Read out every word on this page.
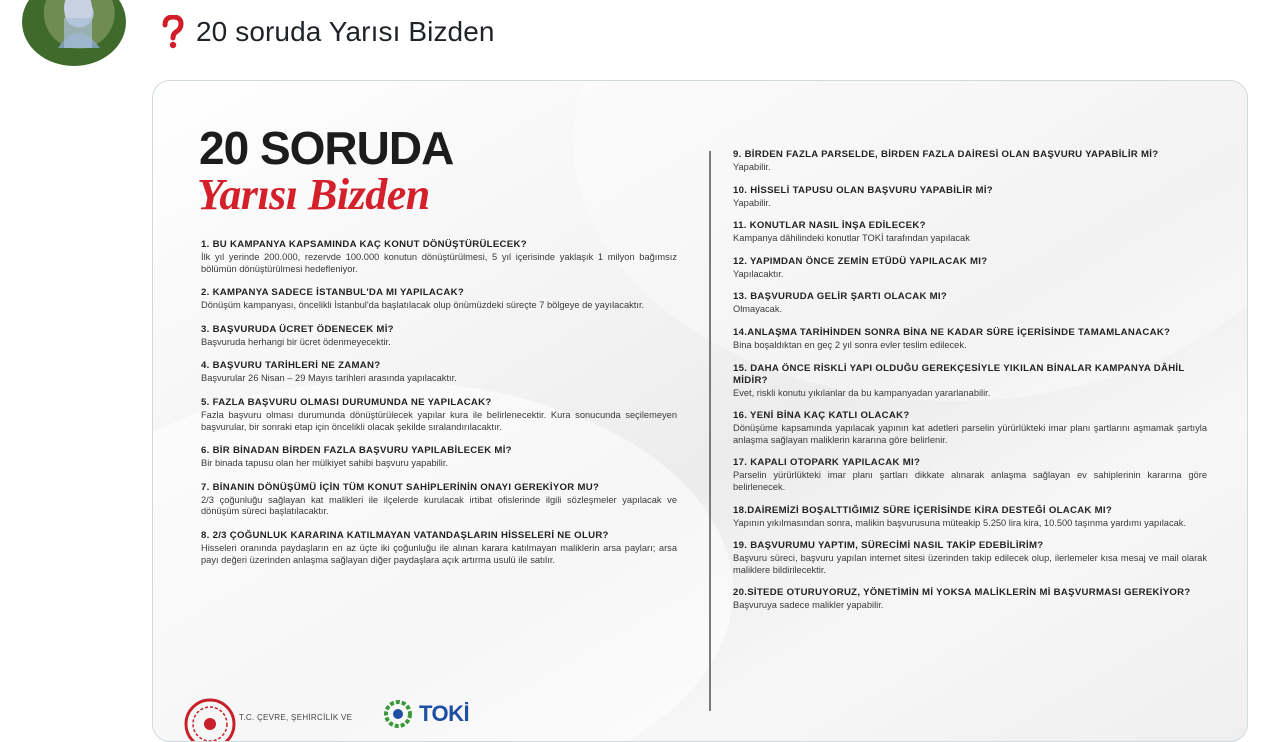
20 soruda Yarısı Bizden
20 SORUDA
Yarısı Bizden
1. BU KAMPANYA KAPSAMINDA KAÇ KONUT DÖNÜŞTÜRÜLECEK?
İlk yıl yerinde 200.000, rezervde 100.000 konutun dönüştürülmesi, 5 yıl içerisinde yaklaşık 1 milyon bağımsız bölümün dönüştürülmesi hedefleniyor.
2. KAMPANYA SADECE İSTANBUL'DA MI YAPILACAK?
Dönüşüm kampanyası, öncelikli İstanbul'da başlatılacak olup önümüzdeki süreçte 7 bölgeye de yayılacaktır.
3. BAŞVURUDA ÜCRET ÖDENECEK Mİ?
Başvuruda herhangi bir ücret ödenmeyecektir.
4. BAŞVURU TARİHLERİ NE ZAMAN?
Başvurular 26 Nisan – 29 Mayıs tarihleri arasında yapılacaktır.
5. FAZLA BAŞVURU OLMASI DURUMUNDA NE YAPILACAK?
Fazla başvuru olması durumunda dönüştürülecek yapılar kura ile belirlenecektir. Kura sonucunda seçilemeyen başvurular, bir sonraki etap için öncelikli olacak şekilde sıralandırılacaktır.
6. BİR BİNADAN BİRDEN FAZLA BAŞVURU YAPILABİLECEK Mİ?
Bir binada tapusu olan her mülkiyet sahibi başvuru yapabilir.
7. BİNANIN DÖNÜŞÜMÜ İÇİN TÜM KONUT SAHİPLERİNİN ONAYI GEREKİYOR MU?
2/3 çoğunluğu sağlayan kat malikleri ile ilçelerde kurulacak irtibat ofislerinde ilgili sözleşmeler yapılacak ve dönüşüm süreci başlatılacaktır.
8. 2/3 ÇOĞUNLUK KARARINA KATILMAYAN VATANDAŞLARIN HİSSELERİ NE OLUR?
Hisseleri oranında paydaşların en az üçte iki çoğunluğu ile alınan karara katılmayan maliklerin arsa payları; arsa payı değeri üzerinden anlaşma sağlayan diğer paydaşlara açık artırma usulü ile satılır.
9. BİRDEN FAZLA PARSELDE, BİRDEN FAZLA DAİRESİ OLAN BAŞVURU YAPABİLİR Mİ?
Yapabilir.
10. HİSSELİ TAPUSU OLAN BAŞVURU YAPABİLİR Mİ?
Yapabilir.
11. KONUTLAR NASIL İNŞA EDİLECEK?
Kampanya dâhilindeki konutlar TOKİ tarafından yapılacak
12. YAPIMDAN ÖNCE ZEMİN ETÜDÜ YAPILACAK MI?
Yapılacaktır.
13. BAŞVURUDA GELİR ŞARTI OLACAK MI?
Olmayacak.
14.ANLAŞMA TARİHİNDEN SONRA BİNA NE KADAR SÜRE İÇERİSİNDE TAMAMLANACAK?
Bina boşaldıktan en geç 2 yıl sonra evler teslim edilecek.
15. DAHA ÖNCE RİSKLİ YAPI OLDUĞU GEREKÇESİYLE YIKILAN BİNALAR KAMPANYA DÂHİL MİDİR?
Evet, riskli konutu yıkılanlar da bu kampanyadan yararlanabilir.
16. YENİ BİNA KAÇ KATLI OLACAK?
Dönüşüme kapsamında yapılacak yapının kat adetleri parselin yürürlükteki imar planı şartlarını aşmamak şartıyla anlaşma sağlayan maliklerin kararına göre belirlenir.
17. KAPALI OTOPARK YAPILACAK MI?
Parselin yürürlükteki imar planı şartları dikkate alınarak anlaşma sağlayan ev sahiplerinin kararına göre belirlenecek.
18.DAİREMİZİ BOŞALTTIĞIMIZ SÜRE İÇERİSİNDE KİRA DESTEĞİ OLACAK MI?
Yapının yıkılmasından sonra, malikin başvurusuna müteakip 5.250 lira kira, 10.500 taşınma yardımı yapılacak.
19. BAŞVURUMU YAPTIM, SÜRECİMİ NASIL TAKİP EDEBİLİRİM?
Başvuru süreci, başvuru yapılan internet sitesi üzerinden takip edilecek olup, ilerlemeler kısa mesaj ve mail olarak maliklere bildirilecektir.
20.SİTEDE OTURUYORUZ, YÖNETİMİN Mİ YOKSA MALİKLERİN Mİ BAŞVURMASI GEREKİYOR?
Başvuruya sadece malikler yapabilir.
T.C. ÇEVRE, ŞEHİRCİLİK VE	TOKİ
